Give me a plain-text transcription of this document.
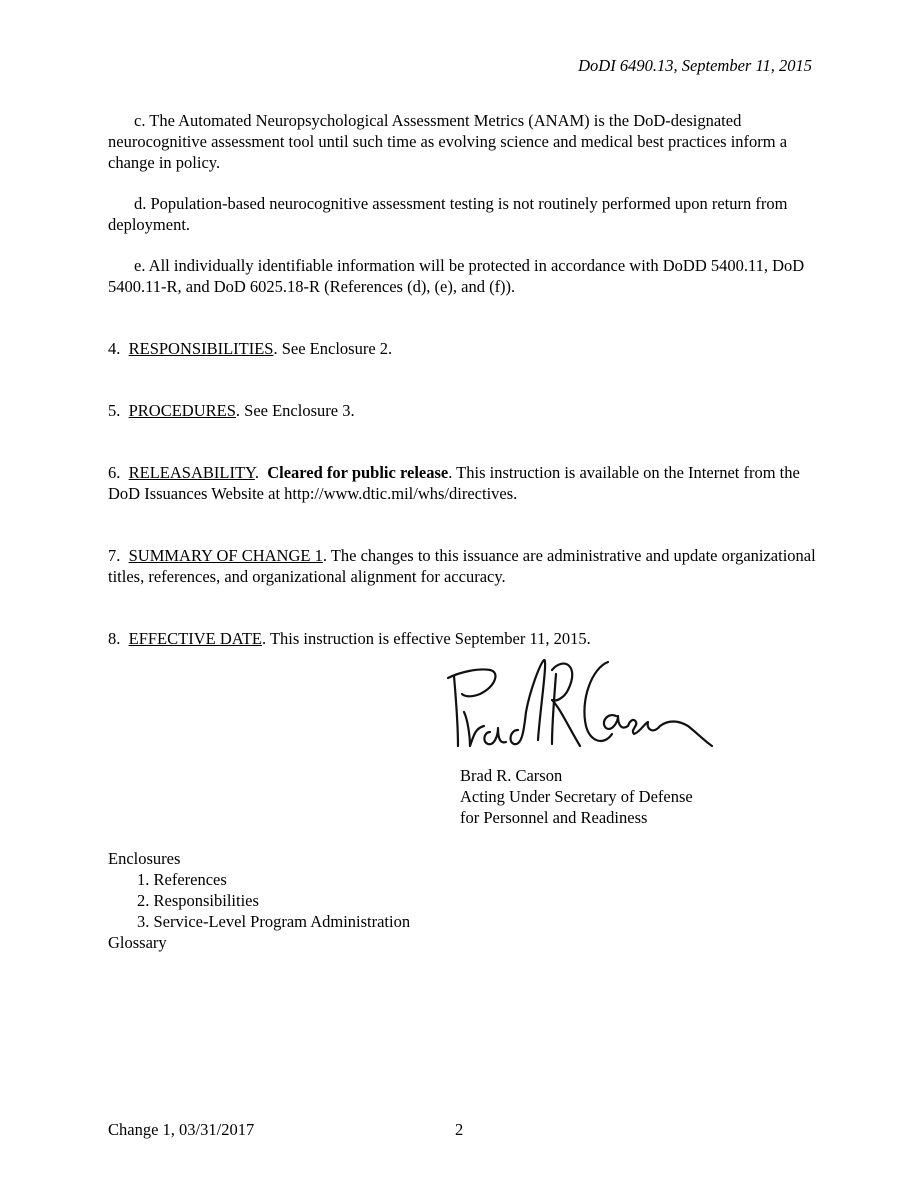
DoDI 6490.13, September 11, 2015

c. The Automated Neuropsychological Assessment Metrics (ANAM) is the DoD-designated neurocognitive assessment tool until such time as evolving science and medical best practices inform a change in policy.

d. Population-based neurocognitive assessment testing is not routinely performed upon return from deployment.

e. All individually identifiable information will be protected in accordance with DoDD 5400.11, DoD 5400.11-R, and DoD 6025.18-R (References (d), (e), and (f)).

4. RESPONSIBILITIES. See Enclosure 2.

5. PROCEDURES. See Enclosure 3.

6. RELEASABILITY.  Cleared for public release. This instruction is available on the Internet from the DoD Issuances Website at http://www.dtic.mil/whs/directives.

7. SUMMARY OF CHANGE 1. The changes to this issuance are administrative and update organizational titles, references, and organizational alignment for accuracy.

8. EFFECTIVE DATE. This instruction is effective September 11, 2015.

Brad R. Carson
Acting Under Secretary of Defense
for Personnel and Readiness
Enclosures
1. References
2. Responsibilities
3. Service-Level Program Administration
Glossary
Change 1, 03/31/2017	2
